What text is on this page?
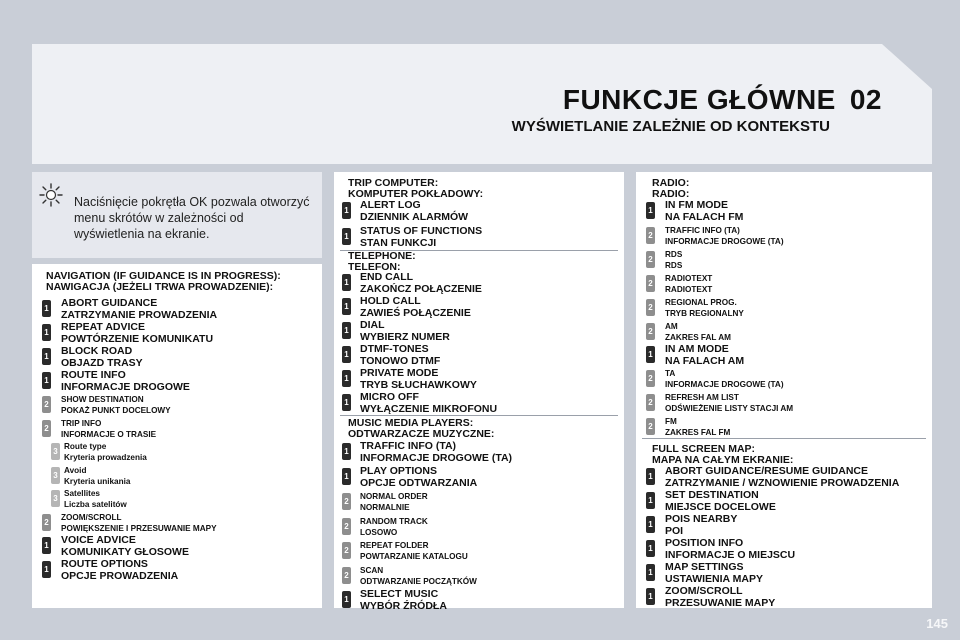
FUNKCJE GŁÓWNE 02
WYŚWIETLANIE ZALEŻNIE OD KONTEKSTU
Naciśnięcie pokrętła OK pozwala otworzyć menu skrótów w zależności od wyświetlenia na ekranie.
NAVIGATION (IF GUIDANCE IS IN PROGRESS):
NAWIGACJA (JEŻELI TRWA PROWADZENIE):
ABORT GUIDANCE
ZATRZYMANIE PROWADZENIA
1
REPEAT ADVICE
POWTÓRZENIE KOMUNIKATU
1
BLOCK ROAD
OBJAZD TRASY
1
ROUTE INFO
INFORMACJE DROGOWE
1
SHOW DESTINATION
POKAŻ PUNKT DOCELOWY
2
TRIP INFO
INFORMACJE O TRASIE
2
Route type
Kryteria prowadzenia
3
Avoid
Kryteria unikania
3
Satellites
Liczba satelitów
3
ZOOM/SCROLL
POWIĘKSZENIE I PRZESUWANIE MAPY
2
VOICE ADVICE
KOMUNIKATY GŁOSOWE
1
ROUTE OPTIONS
OPCJE PROWADZENIA
1
TRIP COMPUTER:
KOMPUTER POKŁADOWY:
ALERT LOG
DZIENNIK ALARMÓW
1
STATUS OF FUNCTIONS
STAN FUNKCJI
1
TELEPHONE:
TELEFON:
END CALL
ZAKOŃCZ POŁĄCZENIE
1
HOLD CALL
ZAWIEŚ POŁĄCZENIE
1
DIAL
WYBIERZ NUMER
1
DTMF-TONES
TONOWO DTMF
1
PRIVATE MODE
TRYB SŁUCHAWKOWY
1
MICRO OFF
WYŁĄCZENIE MIKROFONU
1
MUSIC MEDIA PLAYERS:
ODTWARZACZE MUZYCZNE:
TRAFFIC INFO (TA)
INFORMACJE DROGOWE (TA)
1
PLAY OPTIONS
OPCJE ODTWARZANIA
1
NORMAL ORDER
NORMALNIE
2
RANDOM TRACK
LOSOWO
2
REPEAT FOLDER
POWTARZANIE KATALOGU
2
SCAN
ODTWARZANIE POCZĄTKÓW
2
SELECT MUSIC
WYBÓR ŹRÓDŁA
1
RADIO:
RADIO:
IN FM MODE
NA FALACH FM
1
TRAFFIC INFO (TA)
INFORMACJE DROGOWE (TA)
2
RDS
RDS
2
RADIOTEXT
RADIOTEXT
2
REGIONAL PROG.
TRYB REGIONALNY
2
AM
ZAKRES FAL AM
2
IN AM MODE
NA FALACH AM
1
TA
INFORMACJE DROGOWE (TA)
2
REFRESH AM LIST
ODŚWIEŻENIE LISTY STACJI AM
2
FM
ZAKRES FAL FM
2
FULL SCREEN MAP:
MAPA NA CAŁYM EKRANIE:
ABORT GUIDANCE/RESUME GUIDANCE
ZATRZYMANIE / WZNOWIENIE PROWADZENIA
1
SET DESTINATION
MIEJSCE DOCELOWE
1
POIS NEARBY
POI
1
POSITION INFO
INFORMACJE O MIEJSCU
1
MAP SETTINGS
USTAWIENIA MAPY
1
ZOOM/SCROLL
PRZESUWANIE MAPY
1
145
